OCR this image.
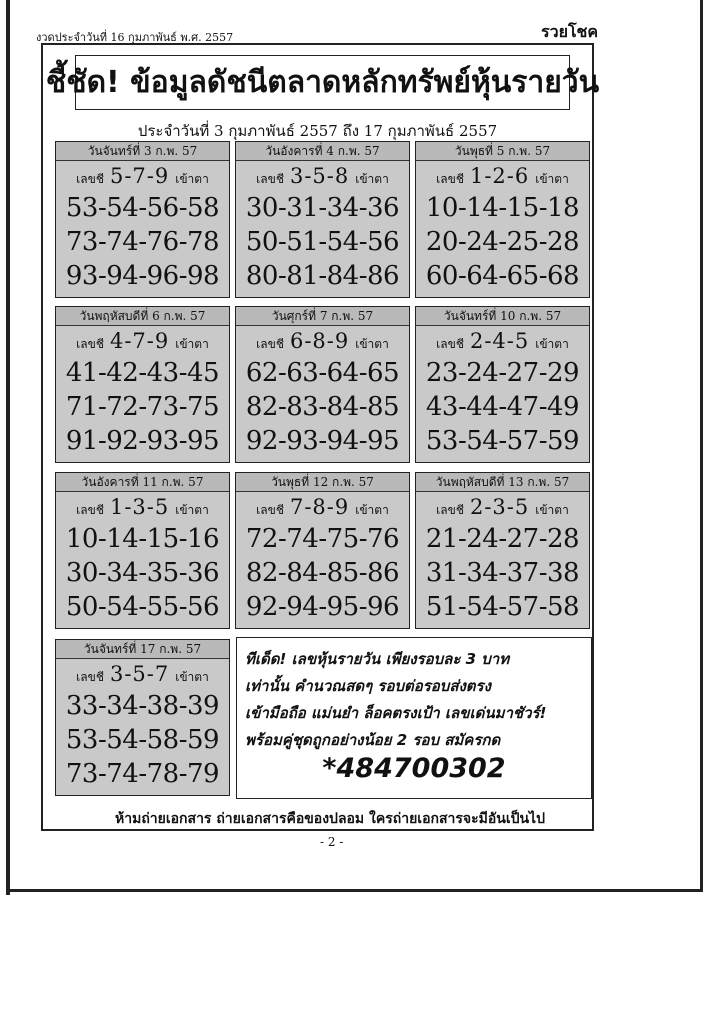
งวดประจำวันที่ 16 กุมภาพันธ์ พ.ศ. 2557	รวยโชค
ชี้ชัด! ข้อมูลดัชนีตลาดหลักทรัพย์หุ้นรายวัน
ประจำวันที่ 3 กุมภาพันธ์ 2557 ถึง 17 กุมภาพันธ์ 2557
วันจันทร์ที่ 3 ก.พ. 57
เลขชี 5-7-9 เข้าตา
53-54-56-58
73-74-76-78
93-94-96-98
วันอังคารที่ 4 ก.พ. 57
เลขชี 3-5-8 เข้าตา
30-31-34-36
50-51-54-56
80-81-84-86
วันพุธที่ 5 ก.พ. 57
เลขชี 1-2-6 เข้าตา
10-14-15-18
20-24-25-28
60-64-65-68
วันพฤหัสบดีที่ 6 ก.พ. 57
เลขชี 4-7-9 เข้าตา
41-42-43-45
71-72-73-75
91-92-93-95
วันศุกร์ที่ 7 ก.พ. 57
เลขชี 6-8-9 เข้าตา
62-63-64-65
82-83-84-85
92-93-94-95
วันจันทร์ที่ 10 ก.พ. 57
เลขชี 2-4-5 เข้าตา
23-24-27-29
43-44-47-49
53-54-57-59
วันอังคารที่ 11 ก.พ. 57
เลขชี 1-3-5 เข้าตา
10-14-15-16
30-34-35-36
50-54-55-56
วันพุธที่ 12 ก.พ. 57
เลขชี 7-8-9 เข้าตา
72-74-75-76
82-84-85-86
92-94-95-96
วันพฤหัสบดีที่ 13 ก.พ. 57
เลขชี 2-3-5 เข้าตา
21-24-27-28
31-34-37-38
51-54-57-58
วันจันทร์ที่ 17 ก.พ. 57
เลขชี 3-5-7 เข้าตา
33-34-38-39
53-54-58-59
73-74-78-79
ทีเด็ด! เลขหุ้นรายวัน เพียงรอบละ 3 บาท
เท่านั้น คำนวณสดๆ รอบต่อรอบส่งตรง
เข้ามือถือ แม่นยำ ล็อคตรงเป้า เลขเด่นมาชัวร์!
พร้อมคู่ชุดถูกอย่างน้อย 2 รอบ สมัครกด
*484700302
ห้ามถ่ายเอกสาร ถ่ายเอกสารคือของปลอม ใครถ่ายเอกสารจะมีอันเป็นไป
- 2 -
